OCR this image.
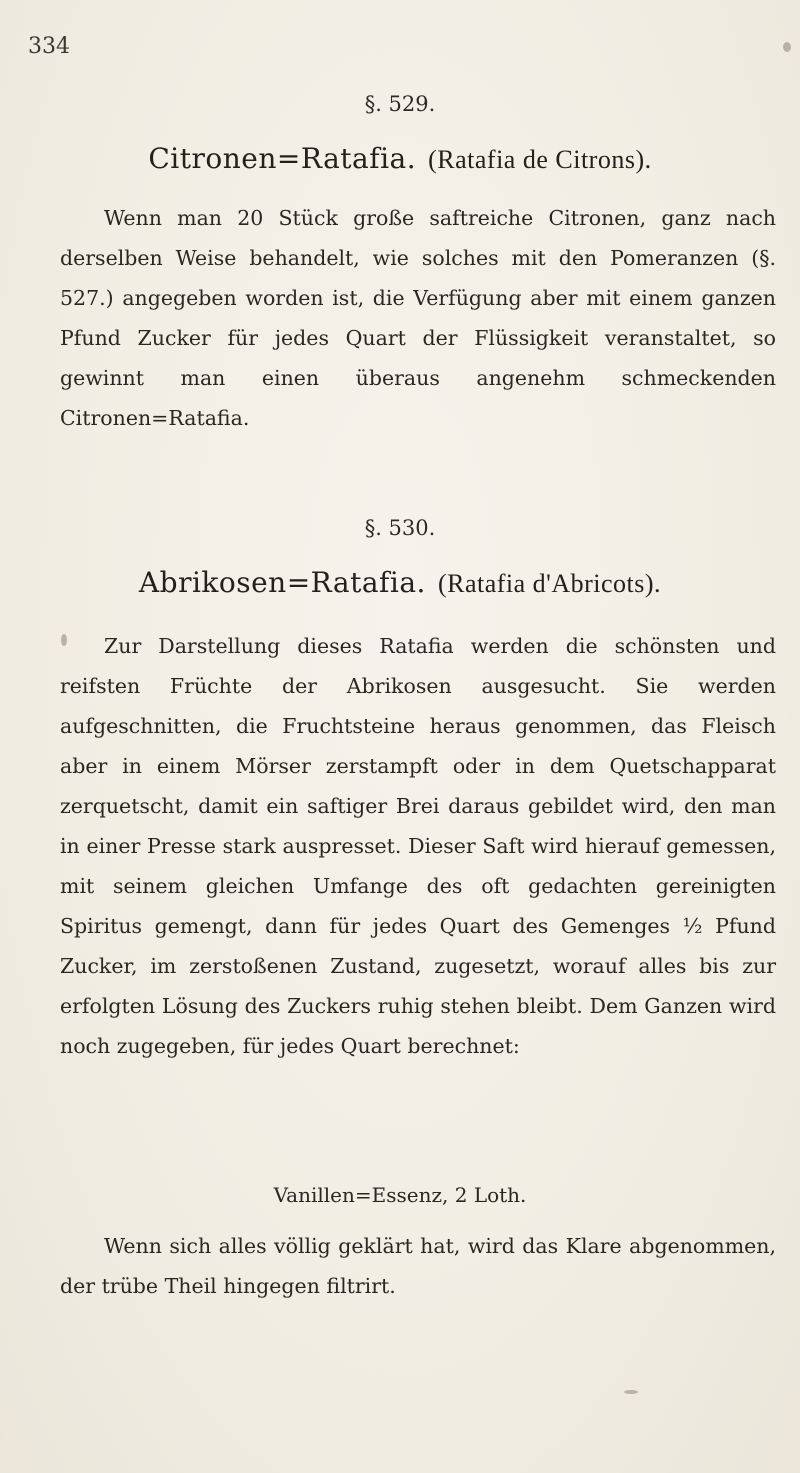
334
§. 529.
Citronen=Ratafia. (Ratafia de Citrons).

Wenn man 20 Stück große saftreiche Citronen, ganz nach derselben Weise behandelt, wie solches mit den Pomeranzen (§. 527.) angegeben worden ist, die Verfügung aber mit einem ganzen Pfund Zucker für jedes Quart der Flüssigkeit veranstaltet, so gewinnt man einen überaus angenehm schmeckenden Citronen=Ratafia.

§. 530.
Abrikosen=Ratafia. (Ratafia d'Abricots).

Zur Darstellung dieses Ratafia werden die schönsten und reifsten Früchte der Abrikosen ausgesucht. Sie werden aufgeschnitten, die Fruchtsteine heraus genommen, das Fleisch aber in einem Mörser zerstampft oder in dem Quetschapparat zerquetscht, damit ein saftiger Brei daraus gebildet wird, den man in einer Presse stark auspresset. Dieser Saft wird hierauf gemessen, mit seinem gleichen Umfange des oft gedachten gereinigten Spiritus gemengt, dann für jedes Quart des Gemenges ½ Pfund Zucker, im zerstoßenen Zustand, zugesetzt, worauf alles bis zur erfolgten Lösung des Zuckers ruhig stehen bleibt. Dem Ganzen wird noch zugegeben, für jedes Quart berechnet:

Vanillen=Essenz, 2 Loth.

Wenn sich alles völlig geklärt hat, wird das Klare abgenommen, der trübe Theil hingegen filtrirt.
